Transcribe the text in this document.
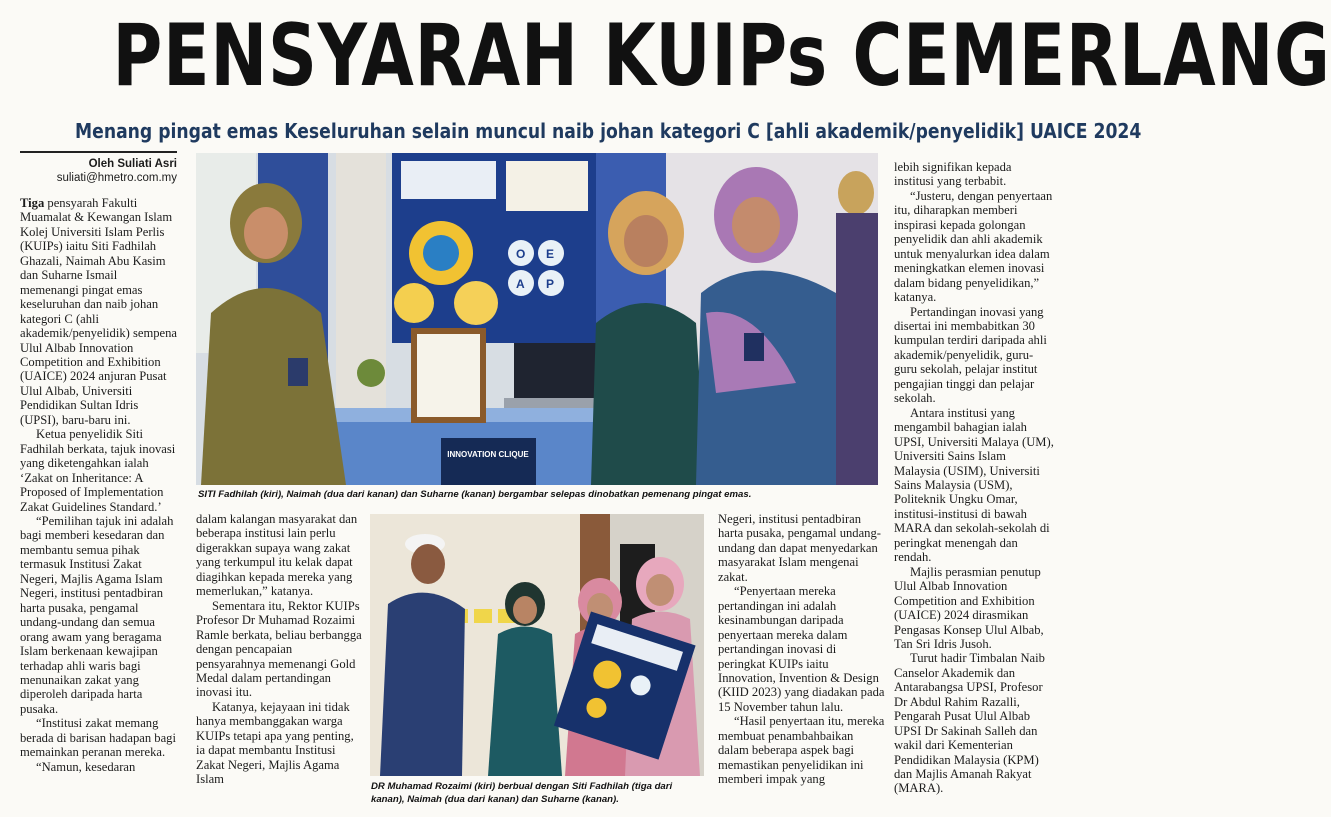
PENSYARAH KUIPs CEMERLANG
Menang pingat emas Keseluruhan selain muncul naib johan kategori C [ahli akademik/penyelidik] UAICE 2024
Oleh Suliati Asri
suliati@hmetro.com.my

Tiga pensyarah Fakulti Muamalat & Kewangan Islam Kolej Universiti Islam Perlis (KUIPs) iaitu Siti Fadhilah Ghazali, Naimah Abu Kasim dan Suharne Ismail memenangi pingat emas keseluruhan dan naib johan kategori C (ahli akademik/penyelidik) sempena Ulul Albab Innovation Competition and Exhibition (UAICE) 2024 anjuran Pusat Ulul Albab, Universiti Pendidikan Sultan Idris (UPSI), baru-baru ini.

Ketua penyelidik Siti Fadhilah berkata, tajuk inovasi yang diketengahkan ialah ‘Zakat on Inheritance: A Proposed of Implementation Zakat Guidelines Standard.’

“Pemilihan tajuk ini adalah bagi memberi kesedaran dan membantu semua pihak termasuk Institusi Zakat Negeri, Majlis Agama Islam Negeri, institusi pentadbiran harta pusaka, pengamal undang-undang dan semua orang awam yang beragama Islam berkenaan kewajipan terhadap ahli waris bagi menunaikan zakat yang diperoleh daripada harta pusaka.

“Institusi zakat memang berada di barisan hadapan bagi memainkan peranan mereka.

“Namun, kesedaran

O E
A P
INNOVATION CLIQUE
SITI Fadhilah (kiri), Naimah (dua dari kanan) dan Suharne (kanan) bergambar selepas dinobatkan pemenang pingat emas.

dalam kalangan masyarakat dan beberapa institusi lain perlu digerakkan supaya wang zakat yang terkumpul itu kelak dapat diagihkan kepada mereka yang memerlukan,” katanya.

Sementara itu, Rektor KUIPs Profesor Dr Muhamad Rozaimi Ramle berkata, beliau berbangga dengan pencapaian pensyarahnya memenangi Gold Medal dalam pertandingan inovasi itu.

Katanya, kejayaan ini tidak hanya membanggakan warga KUIPs tetapi apa yang penting, ia dapat membantu Institusi Zakat Negeri, Majlis Agama Islam

DR Muhamad Rozaimi (kiri) berbual dengan Siti Fadhilah (tiga dari kanan), Naimah (dua dari kanan) dan Suharne (kanan).

Negeri, institusi pentadbiran harta pusaka, pengamal undang-undang dan dapat menyedarkan masyarakat Islam mengenai zakat.

“Penyertaan mereka pertandingan ini adalah kesinambungan daripada penyertaan mereka dalam pertandingan inovasi di peringkat KUIPs iaitu Innovation, Invention & Design (KIID 2023) yang diadakan pada 15 November tahun lalu.

“Hasil penyertaan itu, mereka membuat penambahbaikan dalam beberapa aspek bagi memastikan penyelidikan ini memberi impak yang

lebih signifikan kepada institusi yang terbabit.

“Justeru, dengan penyertaan itu, diharapkan memberi inspirasi kepada golongan penyelidik dan ahli akademik untuk menyalurkan idea dalam meningkatkan elemen inovasi dalam bidang penyelidikan,” katanya.

Pertandingan inovasi yang disertai ini membabitkan 30 kumpulan terdiri daripada ahli akademik/penyelidik, guru-guru sekolah, pelajar institut pengajian tinggi dan pelajar sekolah.

Antara institusi yang mengambil bahagian ialah UPSI, Universiti Malaya (UM), Universiti Sains Islam Malaysia (USIM), Universiti Sains Malaysia (USM), Politeknik Ungku Omar, institusi-institusi di bawah MARA dan sekolah-sekolah di peringkat menengah dan rendah.

Majlis perasmian penutup Ulul Albab Innovation Competition and Exhibition (UAICE) 2024 dirasmikan Pengasas Konsep Ulul Albab, Tan Sri Idris Jusoh.

Turut hadir Timbalan Naib Canselor Akademik dan Antarabangsa UPSI, Profesor Dr Abdul Rahim Razalli, Pengarah Pusat Ulul Albab UPSI Dr Sakinah Salleh dan wakil dari Kementerian Pendidikan Malaysia (KPM) dan Majlis Amanah Rakyat (MARA).
